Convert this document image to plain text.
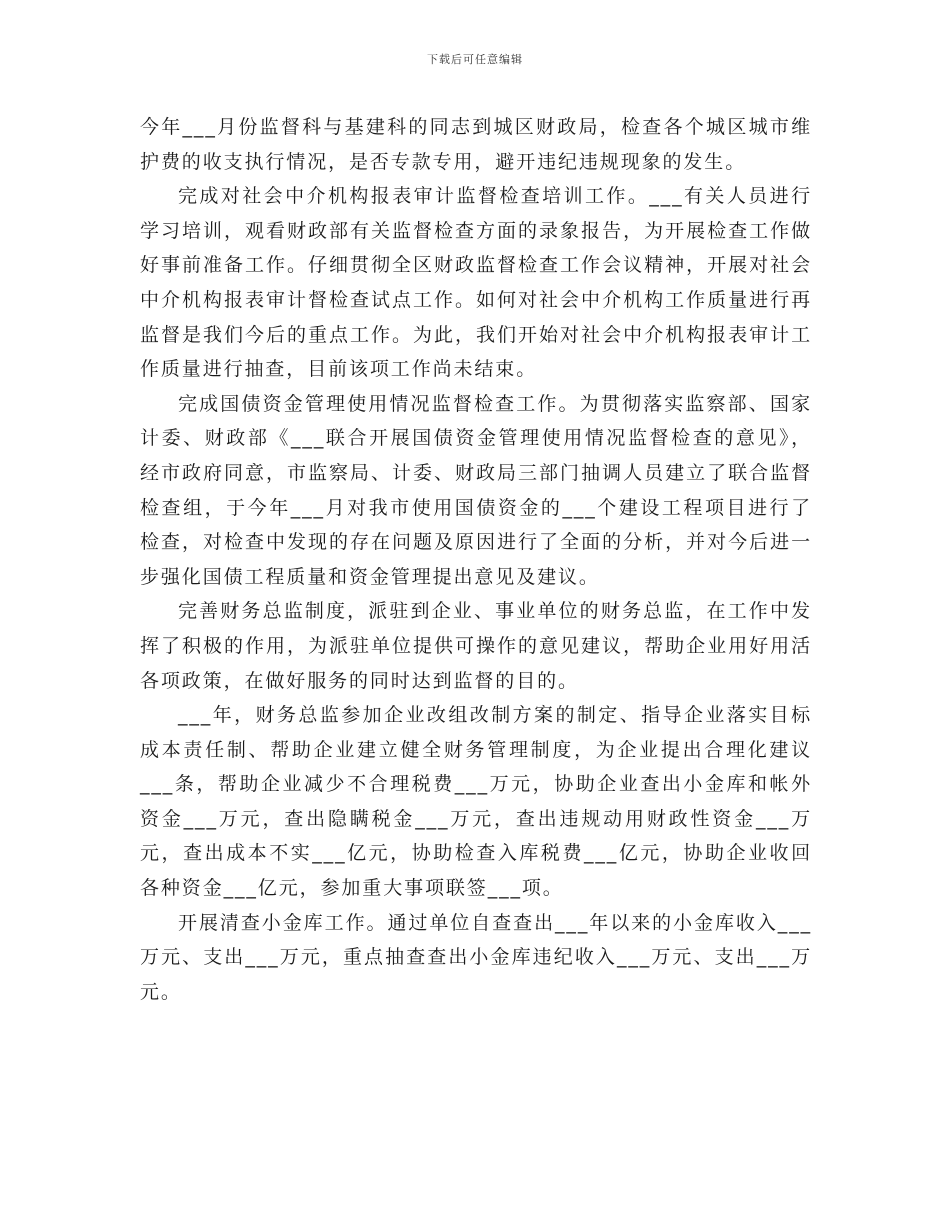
下载后可任意编辑

今年___月份监督科与基建科的同志到城区财政局，检查各个城区城市维护费的收支执行情况，是否专款专用，避开违纪违规现象的发生。

完成对社会中介机构报表审计监督检查培训工作。___有关人员进行学习培训，观看财政部有关监督检查方面的录象报告，为开展检查工作做好事前准备工作。仔细贯彻全区财政监督检查工作会议精神，开展对社会中介机构报表审计督检查试点工作。如何对社会中介机构工作质量进行再监督是我们今后的重点工作。为此，我们开始对社会中介机构报表审计工作质量进行抽查，目前该项工作尚未结束。

完成国债资金管理使用情况监督检查工作。为贯彻落实监察部、国家计委、财政部《___联合开展国债资金管理使用情况监督检查的意见》，经市政府同意，市监察局、计委、财政局三部门抽调人员建立了联合监督检查组，于今年___月对我市使用国债资金的___个建设工程项目进行了检查，对检查中发现的存在问题及原因进行了全面的分析，并对今后进一步强化国债工程质量和资金管理提出意见及建议。

完善财务总监制度，派驻到企业、事业单位的财务总监，在工作中发挥了积极的作用，为派驻单位提供可操作的意见建议，帮助企业用好用活各项政策，在做好服务的同时达到监督的目的。

___年，财务总监参加企业改组改制方案的制定、指导企业落实目标成本责任制、帮助企业建立健全财务管理制度，为企业提出合理化建议___条，帮助企业减少不合理税费___万元，协助企业查出小金库和帐外资金___万元，查出隐瞒税金___万元，查出违规动用财政性资金___万元，查出成本不实___亿元，协助检查入库税费___亿元，协助企业收回各种资金___亿元，参加重大事项联签___项。

开展清查小金库工作。通过单位自查查出___年以来的小金库收入___万元、支出___万元，重点抽查查出小金库违纪收入___万元、支出___万元。
